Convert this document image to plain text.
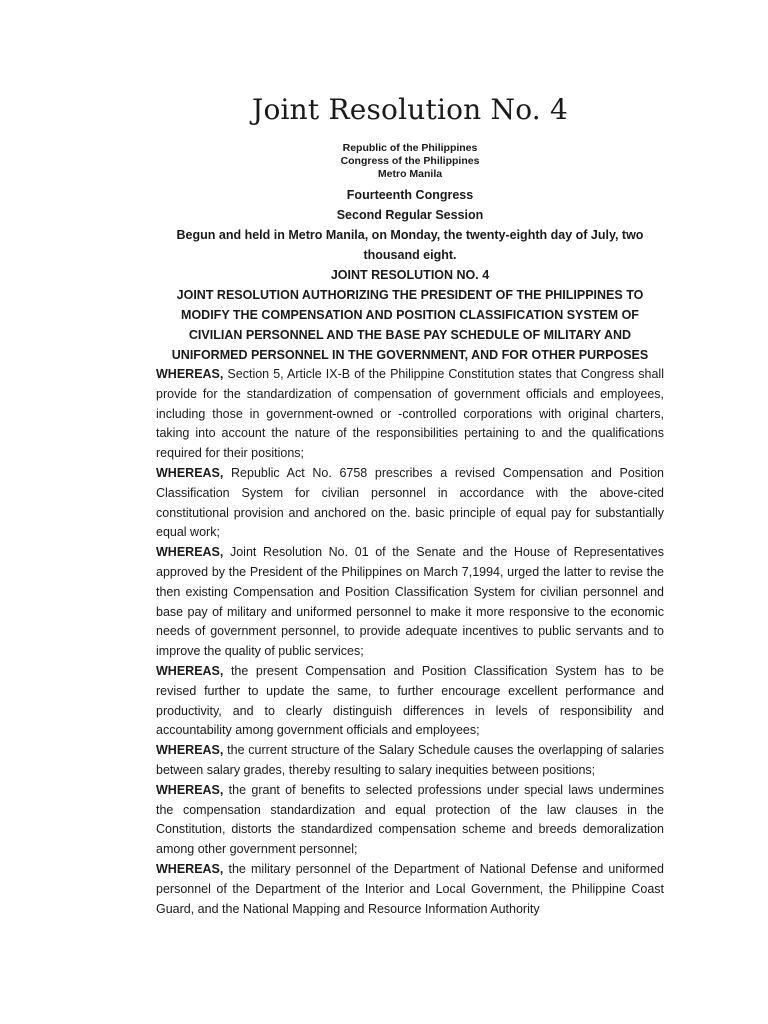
Joint Resolution No. 4
Republic of the Philippines
Congress of the Philippines
Metro Manila
Fourteenth Congress
Second Regular Session
Begun and held in Metro Manila, on Monday, the twenty-eighth day of July, two thousand eight.
JOINT RESOLUTION NO. 4
JOINT RESOLUTION AUTHORIZING THE PRESIDENT OF THE PHILIPPINES TO MODIFY THE COMPENSATION AND POSITION CLASSIFICATION SYSTEM OF CIVILIAN PERSONNEL AND THE BASE PAY SCHEDULE OF MILITARY AND UNIFORMED PERSONNEL IN THE GOVERNMENT, AND FOR OTHER PURPOSES

WHEREAS, Section 5, Article IX-B of the Philippine Constitution states that Congress shall provide for the standardization of compensation of government officials and employees, including those in government-owned or -controlled corporations with original charters, taking into account the nature of the responsibilities pertaining to and the qualifications required for their positions;

WHEREAS, Republic Act No. 6758 prescribes a revised Compensation and Position Classification System for civilian personnel in accordance with the above-cited constitutional provision and anchored on the. basic principle of equal pay for substantially equal work;

WHEREAS, Joint Resolution No. 01 of the Senate and the House of Representatives approved by the President of the Philippines on March 7,1994, urged the latter to revise the then existing Compensation and Position Classification System for civilian personnel and base pay of military and uniformed personnel to make it more responsive to the economic needs of government personnel, to provide adequate incentives to public servants and to improve the quality of public services;

WHEREAS, the present Compensation and Position Classification System has to be revised further to update the same, to further encourage excellent performance and productivity, and to clearly distinguish differences in levels of responsibility and accountability among government officials and employees;

WHEREAS, the current structure of the Salary Schedule causes the overlapping of salaries between salary grades, thereby resulting to salary inequities between positions;

WHEREAS, the grant of benefits to selected professions under special laws undermines the compensation standardization and equal protection of the law clauses in the Constitution, distorts the standardized compensation scheme and breeds demoralization among other government personnel;

WHEREAS, the military personnel of the Department of National Defense and uniformed personnel of the Department of the Interior and Local Government, the Philippine Coast Guard, and the National Mapping and Resource Information Authority
